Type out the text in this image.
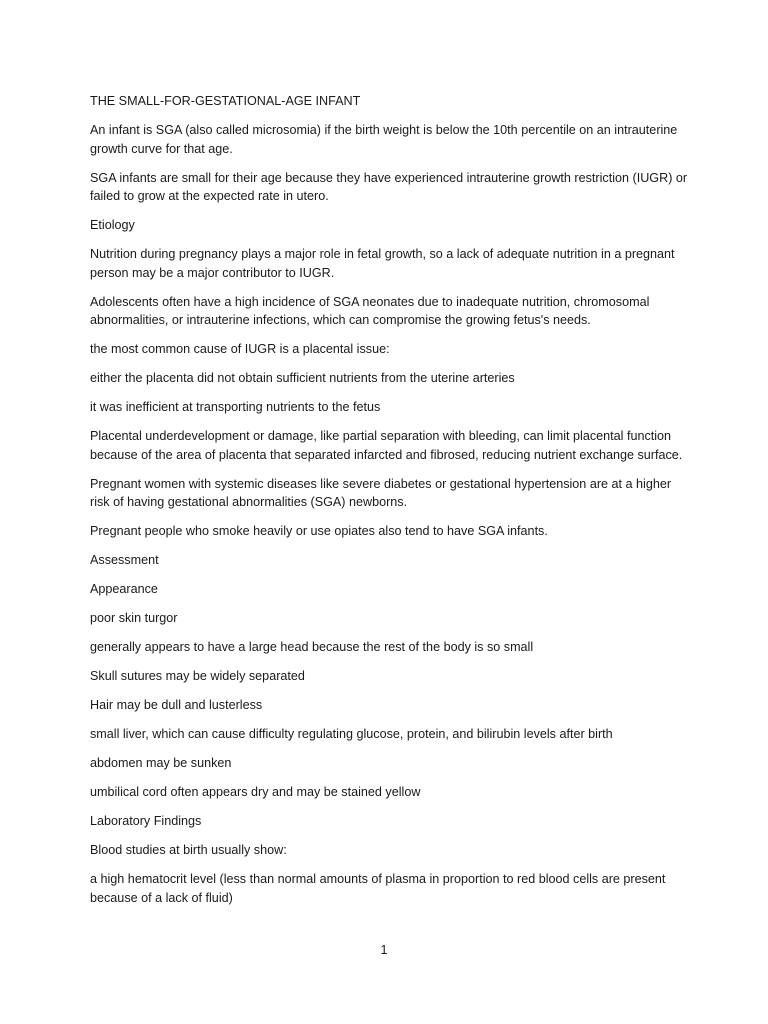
THE SMALL-FOR-GESTATIONAL-AGE INFANT

An infant is SGA (also called microsomia) if the birth weight is below the 10th percentile on an intrauterine growth curve for that age.

SGA infants are small for their age because they have experienced intrauterine growth restriction (IUGR) or failed to grow at the expected rate in utero.

Etiology

Nutrition during pregnancy plays a major role in fetal growth, so a lack of adequate nutrition in a pregnant person may be a major contributor to IUGR.

Adolescents often have a high incidence of SGA neonates due to inadequate nutrition, chromosomal abnormalities, or intrauterine infections, which can compromise the growing fetus's needs.

the most common cause of IUGR is a placental issue:

either the placenta did not obtain sufficient nutrients from the uterine arteries

it was inefficient at transporting nutrients to the fetus

Placental underdevelopment or damage, like partial separation with bleeding, can limit placental function because of the area of placenta that separated infarcted and fibrosed, reducing nutrient exchange surface.

Pregnant women with systemic diseases like severe diabetes or gestational hypertension are at a higher risk of having gestational abnormalities (SGA) newborns.

Pregnant people who smoke heavily or use opiates also tend to have SGA infants.

Assessment

Appearance

poor skin turgor

generally appears to have a large head because the rest of the body is so small

Skull sutures may be widely separated

Hair may be dull and lusterless

small liver, which can cause difficulty regulating glucose, protein, and bilirubin levels after birth

abdomen may be sunken

umbilical cord often appears dry and may be stained yellow

Laboratory Findings

Blood studies at birth usually show:

a high hematocrit level (less than normal amounts of plasma in proportion to red blood cells are present because of a lack of fluid)

1
